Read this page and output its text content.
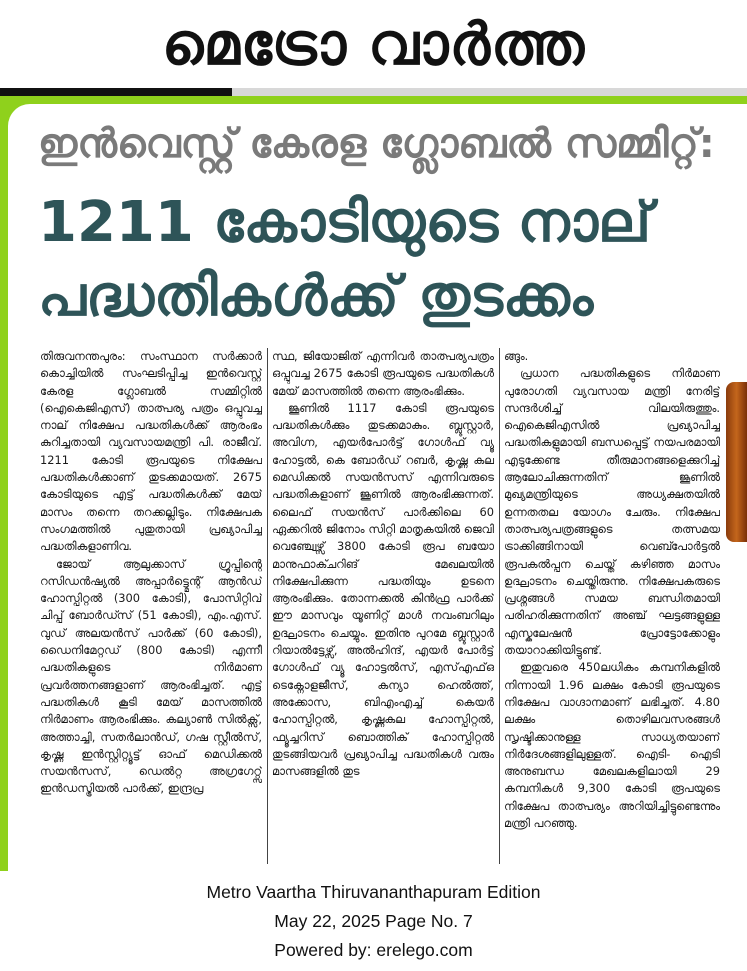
മെട്രോ വാർത്ത
ഇൻവെസ്റ്റ് കേരള ഗ്ലോബൽ സമ്മിറ്റ്:
1211 കോടിയുടെ നാല്
പദ്ധതികൾക്ക് തുടക്കം

തിരുവനന്തപുരം: സംസ്ഥാന സർക്കാർ കൊച്ചിയിൽ സംഘടിപ്പിച്ച ഇൻവെസ്റ്റ് കേരള ഗ്ലോബൽ സമ്മിറ്റിൽ (ഐകെജിഎസ്) താത്പര്യ പത്രം ഒപ്പുവച്ച നാല് നിക്ഷേപ പദ്ധതികൾക്ക് ആരംഭം കുറിച്ചതായി വ്യവസായമന്ത്രി പി. രാജീവ്. 1211 കോടി രൂപയുടെ നിക്ഷേപ പദ്ധതികൾക്കാണ് തുടക്കമായത്. 2675 കോടിയുടെ എട്ട് പദ്ധതികൾക്ക് മേയ് മാസം തന്നെ തറക്കല്ലിടും. നിക്ഷേപക സംഗമത്തിൽ പുതുതായി പ്രഖ്യാപിച്ച പദ്ധതികളാണിവ.

ജോയ് ആലുക്കാസ് ഗ്രൂപ്പിന്റെ റസിഡൻഷ്യൽ അപ്പാർട്ട്മെന്റ് ആൻഡ് ഹോസ്പിറ്റൽ (300 കോടി), പോസിറ്റിവ് ചിപ്പ് ബോർഡ്സ് (51 കോടി), എം.എസ്. വുഡ് അലയൻസ് പാർക്ക് (60 കോടി), ഡൈനിമേറ്റഡ് (800 കോടി) എന്നീ പദ്ധതികളുടെ നിർമാണ പ്രവർത്തനങ്ങളാണ് ആരംഭിച്ചത്. എട്ട് പദ്ധതികൾ കൂടി മേയ് മാസത്തിൽ നിർമാണം ആരംഭിക്കും. കല്യാൺ സിൽക്സ്, അത്താച്ചി, സതർലാൻഡ്, ഗഷ സ്റ്റീൽസ്, കൃഷ്ണ ഇൻസ്റ്റിറ്റ്യൂട്ട് ഓഫ് മെഡിക്കൽ സയൻസസ്, ഡെൽറ്റ അഗ്രഗേറ്റ്സ് ഇൻഡസ്ട്രിയൽ പാർക്ക്, ഇന്ദ്രപ്ര

സ്ഥ, ജിയോജിത് എന്നിവർ താത്പര്യപത്രം ഒപ്പുവച്ച 2675 കോടി രൂപയുടെ പദ്ധതികൾ മേയ് മാസത്തിൽ തന്നെ ആരംഭിക്കും.

ജൂണിൽ 1117 കോടി രൂപയുടെ പദ്ധതികൾക്കും തുടക്കമാകും. ബ്ലൂസ്റ്റാർ, അവിഗ്ന, എയർപോർട്ട് ഗോൾഫ് വ്യൂ ഹോട്ടൽ, കെ ബോർഡ് റബർ, കൃഷ്ണ കല മെഡിക്കൽ സയൻസസ് എന്നിവരുടെ പദ്ധതികളാണ് ജൂണിൽ ആരംഭിക്കുന്നത്. ലൈഫ് സയൻസ് പാർക്കിലെ 60 ഏക്കറിൽ ജിനോം സിറ്റി മാതൃകയിൽ ജെവി വെഞ്ച്വേഴ്സ് 3800 കോടി രൂപ ബയോ മാനുഫാക്ചറിങ് മേഖലയിൽ നിക്ഷേപിക്കുന്ന പദ്ധതിയും ഉടനെ ആരംഭിക്കും. തോന്നക്കൽ കിൻഫ്ര പാർക്ക് ഈ മാസവും യൂണിറ്റ് മാൾ നവംബറിലും ഉദ്ഘാടനം ചെയ്യും. ഇതിനു പുറമേ ബ്ലൂസ്റ്റാർ റിയാൽട്ടേഴ്സ്, അൽഹിന്ദ്, എയർ പോർട്ട് ഗോൾഫ് വ്യൂ ഹോട്ടൽസ്, എസ്എഫ്ഒ ടെക്നോളജീസ്, കന്യാ ഹെൽത്ത്, അക്കോസ, ബിഎംഎച്ച് കെയർ ഹോസ്പിറ്റൽ, കൃഷ്ണകല ഹോസ്പിറ്റൽ, ഫ്യൂച്ചറിസ് ബൊത്തിക് ഹോസ്പിറ്റൽ തുടങ്ങിയവർ പ്രഖ്യാപിച്ച പദ്ധതികൾ വരും മാസങ്ങളിൽ തുട

ങ്ങും.

പ്രധാന പദ്ധതികളുടെ നിർമാണ പുരോഗതി വ്യവസായ മന്ത്രി നേരിട്ട് സന്ദർശിച്ച് വിലയിരുത്തും. ഐകെജിഎസിൽ പ്രഖ്യാപിച്ച പദ്ധതികളുമായി ബന്ധപ്പെട്ട് നയപരമായി എടുക്കേണ്ട തീരുമാനങ്ങളെക്കുറിച്ച് ആലോചിക്കുന്നതിന് ജൂണിൽ മുഖ്യമന്ത്രിയുടെ അധ്യക്ഷതയിൽ ഉന്നതതല യോഗം ചേരും. നിക്ഷേപ താത്പര്യപത്രങ്ങളുടെ തത്സമയ ട്രാക്കിങ്ങിനായി വെബ്പോർട്ടൽ രൂപകൽപ്പന ചെയ്ത് കഴിഞ്ഞ മാസം ഉദ്ഘാടനം ചെയ്തിരുന്നു. നിക്ഷേപകരുടെ പ്രശ്നങ്ങൾ സമയ ബന്ധിതമായി പരിഹരിക്കുന്നതിന് അഞ്ച് ഘട്ടങ്ങളുള്ള എസ്കലേഷൻ പ്രോട്ടോക്കോളും തയാറാക്കിയിട്ടുണ്ട്.

ഇതുവരെ 450ലധികം കമ്പനികളിൽ നിന്നായി 1.96 ലക്ഷം കോടി രൂപയുടെ നിക്ഷേപ വാഗ്ദാനമാണ് ലഭിച്ചത്. 4.80 ലക്ഷം തൊഴിലവസരങ്ങൾ സൃഷ്ടിക്കാനുള്ള സാധ്യതയാണ് നിർദേശങ്ങളിലുള്ളത്. ഐടി- ഐടി അനുബന്ധ മേഖലകളിലായി 29 കമ്പനികൾ 9,300 കോടി രൂപയുടെ നിക്ഷേപ താത്പര്യം അറിയിച്ചിട്ടുണ്ടെന്നും മന്ത്രി പറഞ്ഞു.

Metro Vaartha Thiruvananthapuram Edition
May 22, 2025 Page No. 7
Powered by: erelego.com
